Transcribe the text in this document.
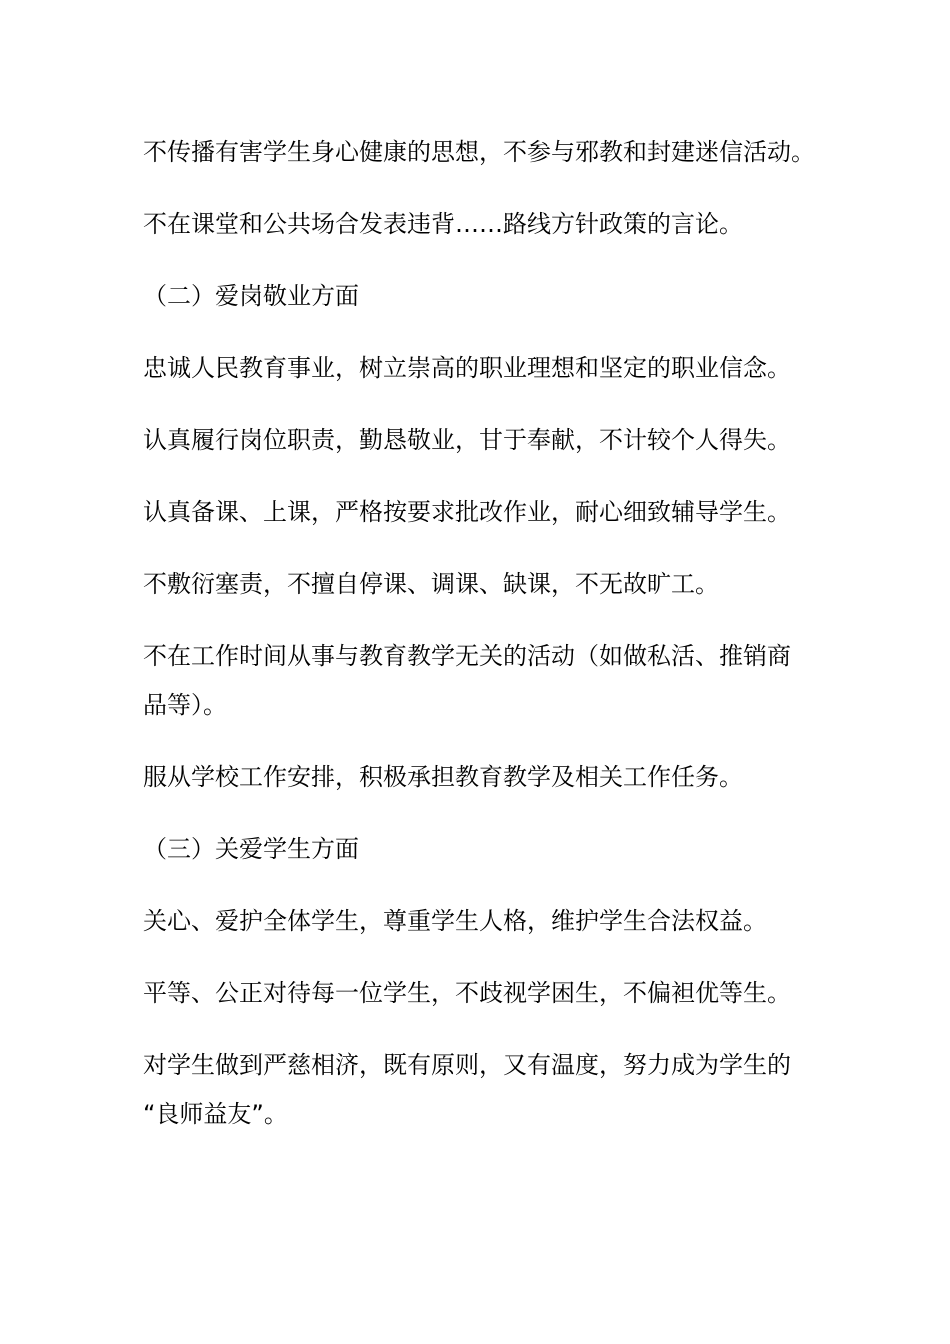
不传播有害学生身心健康的思想，不参与邪教和封建迷信活动。
不在课堂和公共场合发表违背……路线方针政策的言论。
（二）爱岗敬业方面
忠诚人民教育事业，树立崇高的职业理想和坚定的职业信念。
认真履行岗位职责，勤恳敬业，甘于奉献，不计较个人得失。
认真备课、上课，严格按要求批改作业，耐心细致辅导学生。
不敷衍塞责，不擅自停课、调课、缺课，不无故旷工。
不在工作时间从事与教育教学无关的活动（如做私活、推销商
品等）。
服从学校工作安排，积极承担教育教学及相关工作任务。
（三）关爱学生方面
关心、爱护全体学生，尊重学生人格，维护学生合法权益。
平等、公正对待每一位学生，不歧视学困生，不偏袒优等生。
对学生做到严慈相济，既有原则，又有温度，努力成为学生的
“良师益友”。
